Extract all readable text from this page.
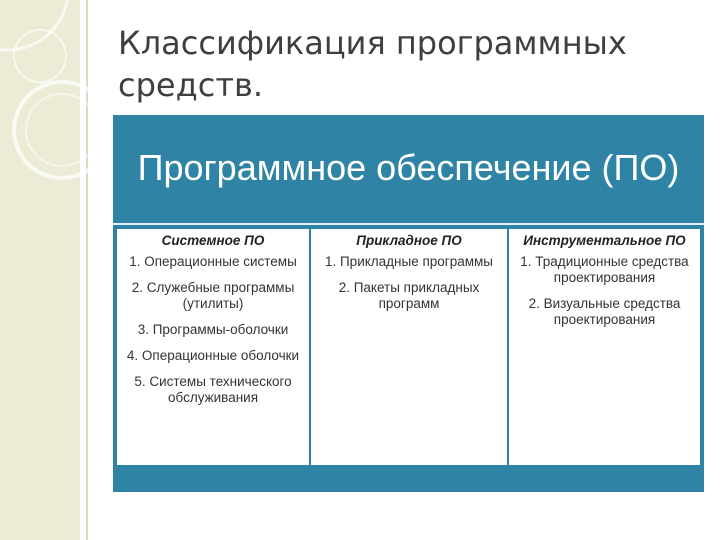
Классификация программных средств.
Программное обеспечение (ПО)
Системное ПО
1. Операционные системы
2. Служебные программы (утилиты)
3. Программы-оболочки
4. Операционные оболочки
5. Системы технического обслуживания
Прикладное ПО
1. Прикладные программы
2. Пакеты прикладных программ
Инструментальное ПО
1. Традиционные средства проектирования
2. Визуальные средства проектирования
